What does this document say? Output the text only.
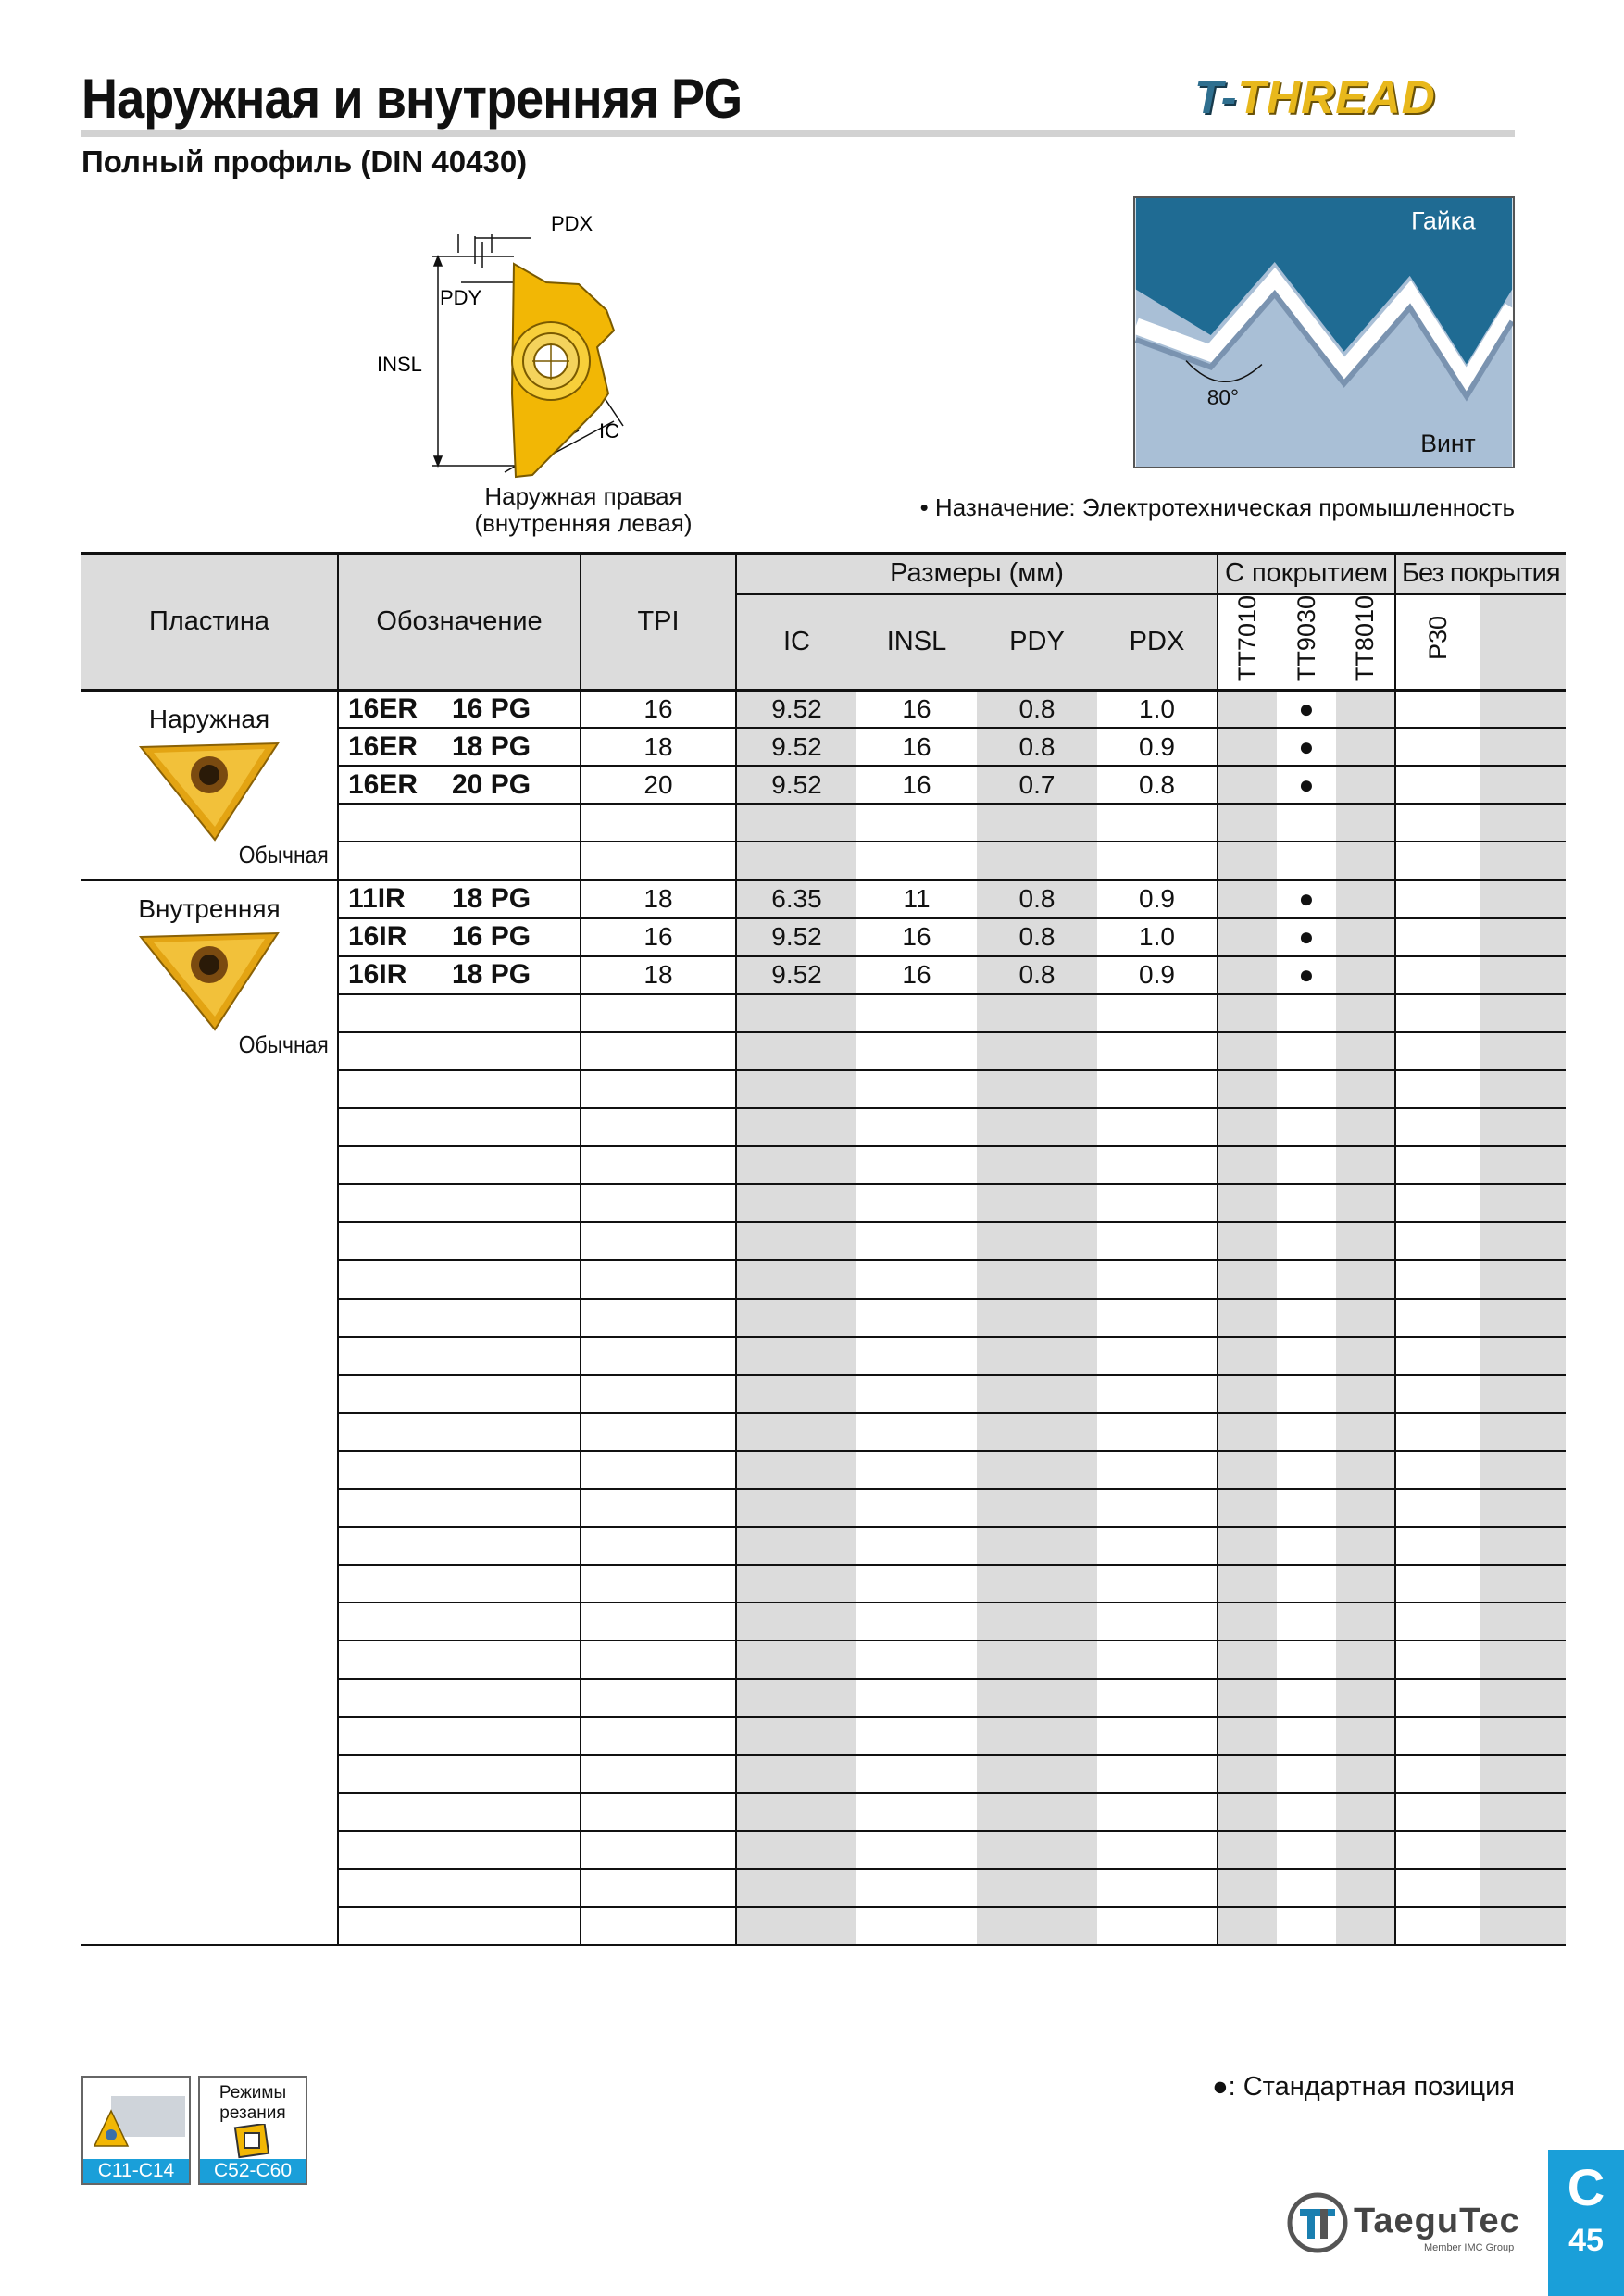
Наружная и внутренняя PG	T-THREAD
Полный профиль (DIN 40430)
PDX
PDY
INSL
IC
Наружная правая
(внутренняя левая)
Гайка
Винт
80°
• Назначение: Электротехническая промышленность
Пластина	Обозначение	TPI	Размеры (мм)				С покрытием			Без покрытия	
			IC	INSL	PDY	PDX	TT7010	TT9030	TT8010	P30	

Наружная
Обычная	16ER 16 PG	16	9.52	16	0.8	1.0		●			
	16ER 18 PG	18	9.52	16	0.8	0.9		●			
	16ER 20 PG	20	9.52	16	0.7	0.8		●			

Внутренняя
Обычная	11IR 18 PG	18	6.35	11	0.8	0.9		●			
	16IR 16 PG	16	9.52	16	0.8	1.0		●			
	16IR 18 PG	18	9.52	16	0.8	0.9		●			

●: Стандартная позиция
C11-C14
Режимы
резания
C52-C60
TaeguTec
Member IMC Group
C
45
